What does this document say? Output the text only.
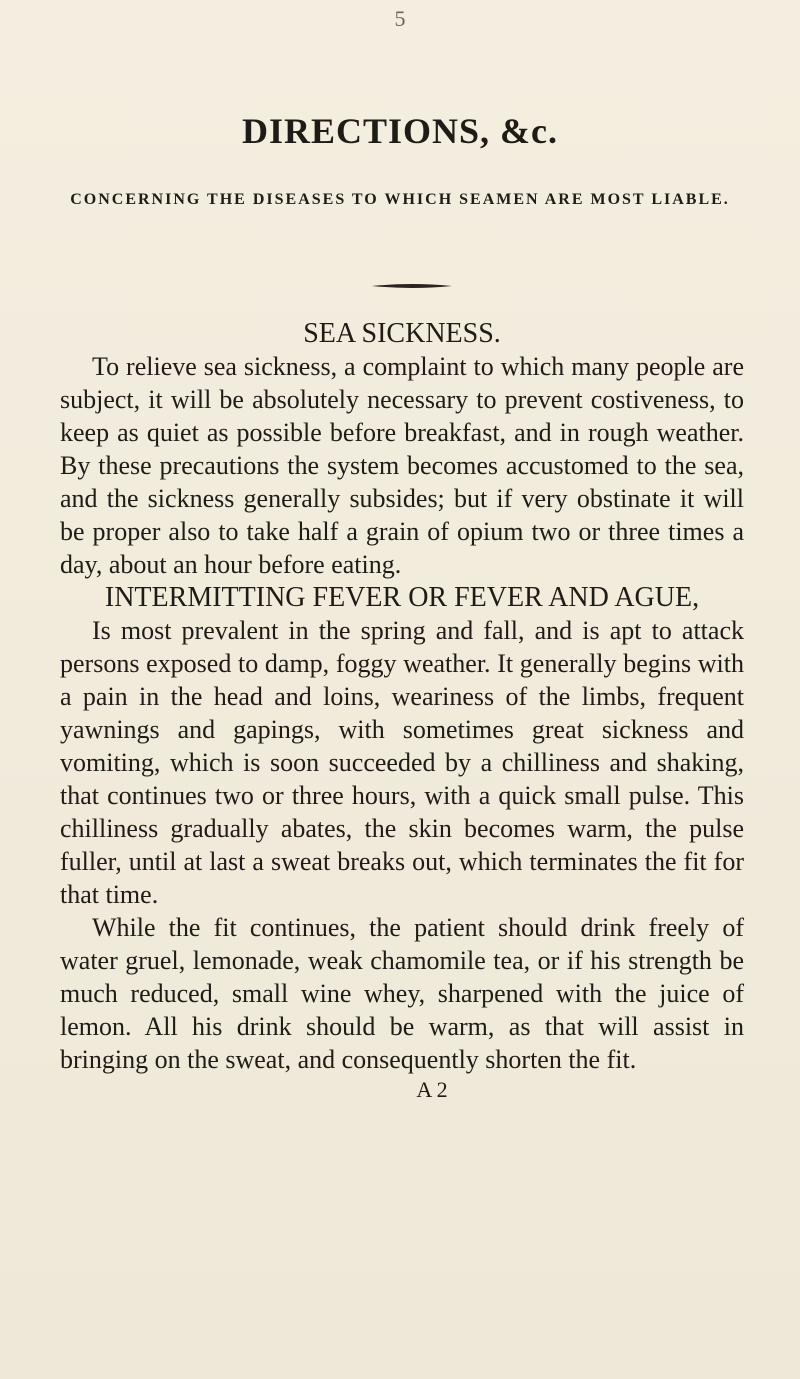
5
DIRECTIONS, &c.
CONCERNING THE DISEASES TO WHICH SEAMEN ARE MOST LIABLE.
SEA SICKNESS.

To relieve sea sickness, a complaint to which many people are subject, it will be absolutely necessary to prevent costiveness, to keep as quiet as possible before breakfast, and in rough weather. By these precautions the system becomes accustomed to the sea, and the sickness generally subsides; but if very obstinate it will be proper also to take half a grain of opium two or three times a day, about an hour before eating.

INTERMITTING FEVER OR FEVER AND AGUE,

Is most prevalent in the spring and fall, and is apt to attack persons exposed to damp, foggy weather. It generally begins with a pain in the head and loins, weariness of the limbs, frequent yawnings and gapings, with sometimes great sickness and vomiting, which is soon succeeded by a chilliness and shaking, that continues two or three hours, with a quick small pulse. This chilliness gradually abates, the skin becomes warm, the pulse fuller, until at last a sweat breaks out, which terminates the fit for that time.

While the fit continues, the patient should drink freely of water gruel, lemonade, weak chamomile tea, or if his strength be much reduced, small wine whey, sharpened with the juice of lemon. All his drink should be warm, as that will assist in bringing on the sweat, and consequently shorten the fit.

A 2
